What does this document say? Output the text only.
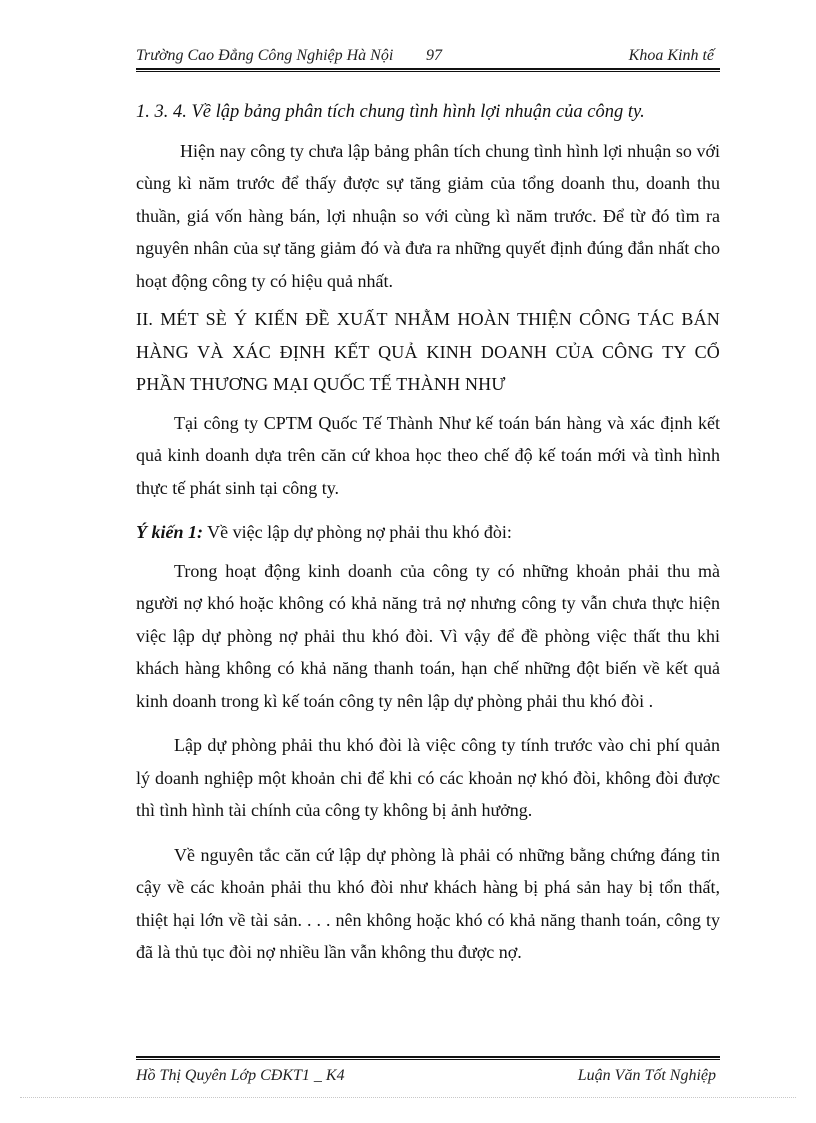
Trường Cao Đẳng Công Nghiệp Hà Nội 97	Khoa Kinh tế

1. 3. 4. Về lập bảng phân tích chung tình hình lợi nhuận của công ty.

Hiện nay công ty chưa lập bảng phân tích chung tình hình lợi nhuận so với cùng kì năm trước để thấy được sự tăng giảm của tổng doanh thu, doanh thu thuần, giá vốn hàng bán, lợi nhuận so với cùng kì năm trước. Để từ đó tìm ra nguyên nhân của sự tăng giảm đó và đưa ra những quyết định đúng đắn nhất cho hoạt động công ty có hiệu quả nhất.

II. MÉT SÈ Ý KIẾN ĐỀ XUẤT NHẰM HOÀN THIỆN CÔNG TÁC BÁN HÀNG VÀ XÁC ĐỊNH KẾT QUẢ KINH DOANH CỦA CÔNG TY CỔ PHẦN THƯƠNG MẠI QUỐC TẾ THÀNH NHƯ

Tại công ty CPTM Quốc Tế Thành Như kế toán bán hàng và xác định kết quả kinh doanh dựa trên căn cứ khoa học theo chế độ kế toán mới và tình hình thực tế phát sinh tại công ty.

Ý kiến 1: Về việc lập dự phòng nợ phải thu khó đòi:

Trong hoạt động kinh doanh của công ty có những khoản phải thu mà người nợ khó hoặc không có khả năng trả nợ nhưng công ty vẫn chưa thực hiện việc lập dự phòng nợ phải thu khó đòi. Vì vậy để đề phòng việc thất thu khi khách hàng không có khả năng thanh toán, hạn chế những đột biến về kết quả kinh doanh trong kì kế toán công ty nên lập dự phòng phải thu khó đòi .

Lập dự phòng phải thu khó đòi là việc công ty tính trước vào chi phí quản lý doanh nghiệp một khoản chi để khi có các khoản nợ khó đòi, không đòi được thì tình hình tài chính của công ty không bị ảnh hưởng.

Về nguyên tắc căn cứ lập dự phòng là phải có những bằng chứng đáng tin cậy về các khoản phải thu khó đòi như khách hàng bị phá sản hay bị tổn thất, thiệt hại lớn về tài sản. . . . nên không hoặc khó có khả năng thanh toán, công ty đã là thủ tục đòi nợ nhiều lần vẫn không thu được nợ.

Hồ Thị Quyên Lớp CĐKT1 _ K4	Luận Văn Tốt Nghiệp
